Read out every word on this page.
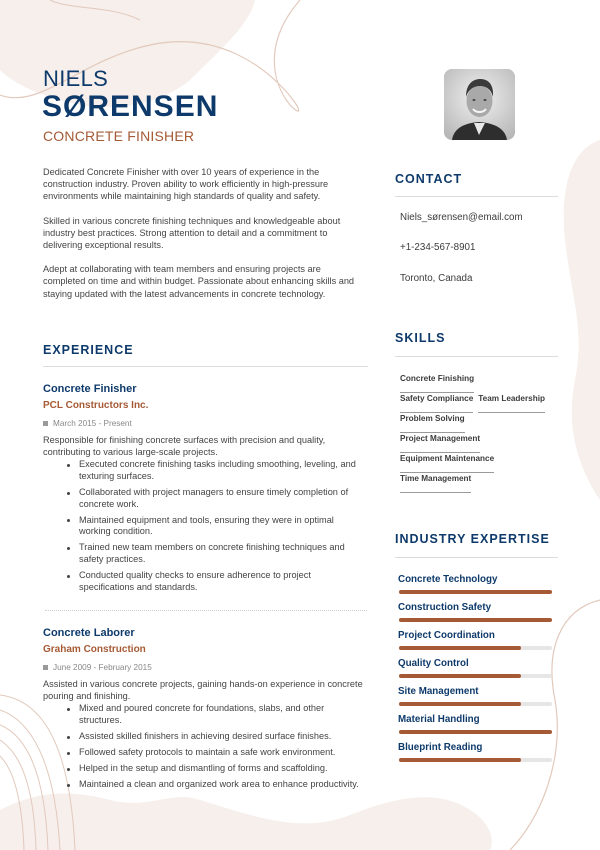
NIELS
SØRENSEN
CONCRETE FINISHER

Dedicated Concrete Finisher with over 10 years of experience in the construction industry. Proven ability to work efficiently in high-pressure environments while maintaining high standards of quality and safety.

Skilled in various concrete finishing techniques and knowledgeable about industry best practices. Strong attention to detail and a commitment to delivering exceptional results.

Adept at collaborating with team members and ensuring projects are completed on time and within budget. Passionate about enhancing skills and staying updated with the latest advancements in concrete technology.

EXPERIENCE
Concrete Finisher
PCL Constructors Inc.
March 2015 - Present
Responsible for finishing concrete surfaces with precision and quality, contributing to various large-scale projects.
Executed concrete finishing tasks including smoothing, leveling, and texturing surfaces.
Collaborated with project managers to ensure timely completion of concrete work.
Maintained equipment and tools, ensuring they were in optimal working condition.
Trained new team members on concrete finishing techniques and safety practices.
Conducted quality checks to ensure adherence to project specifications and standards.
Concrete Laborer
Graham Construction
June 2009 - February 2015
Assisted in various concrete projects, gaining hands-on experience in concrete pouring and finishing.
Mixed and poured concrete for foundations, slabs, and other structures.
Assisted skilled finishers in achieving desired surface finishes.
Followed safety protocols to maintain a safe work environment.
Helped in the setup and dismantling of forms and scaffolding.
Maintained a clean and organized work area to enhance productivity.
CONTACT
Niels_sørensen@email.com
+1-234-567-8901
Toronto, Canada
SKILLS
Concrete Finishing
Safety Compliance Team Leadership
Problem Solving
Project Management
Equipment Maintenance
Time Management
INDUSTRY EXPERTISE
Concrete Technology
Construction Safety
Project Coordination
Quality Control
Site Management
Material Handling
Blueprint Reading
